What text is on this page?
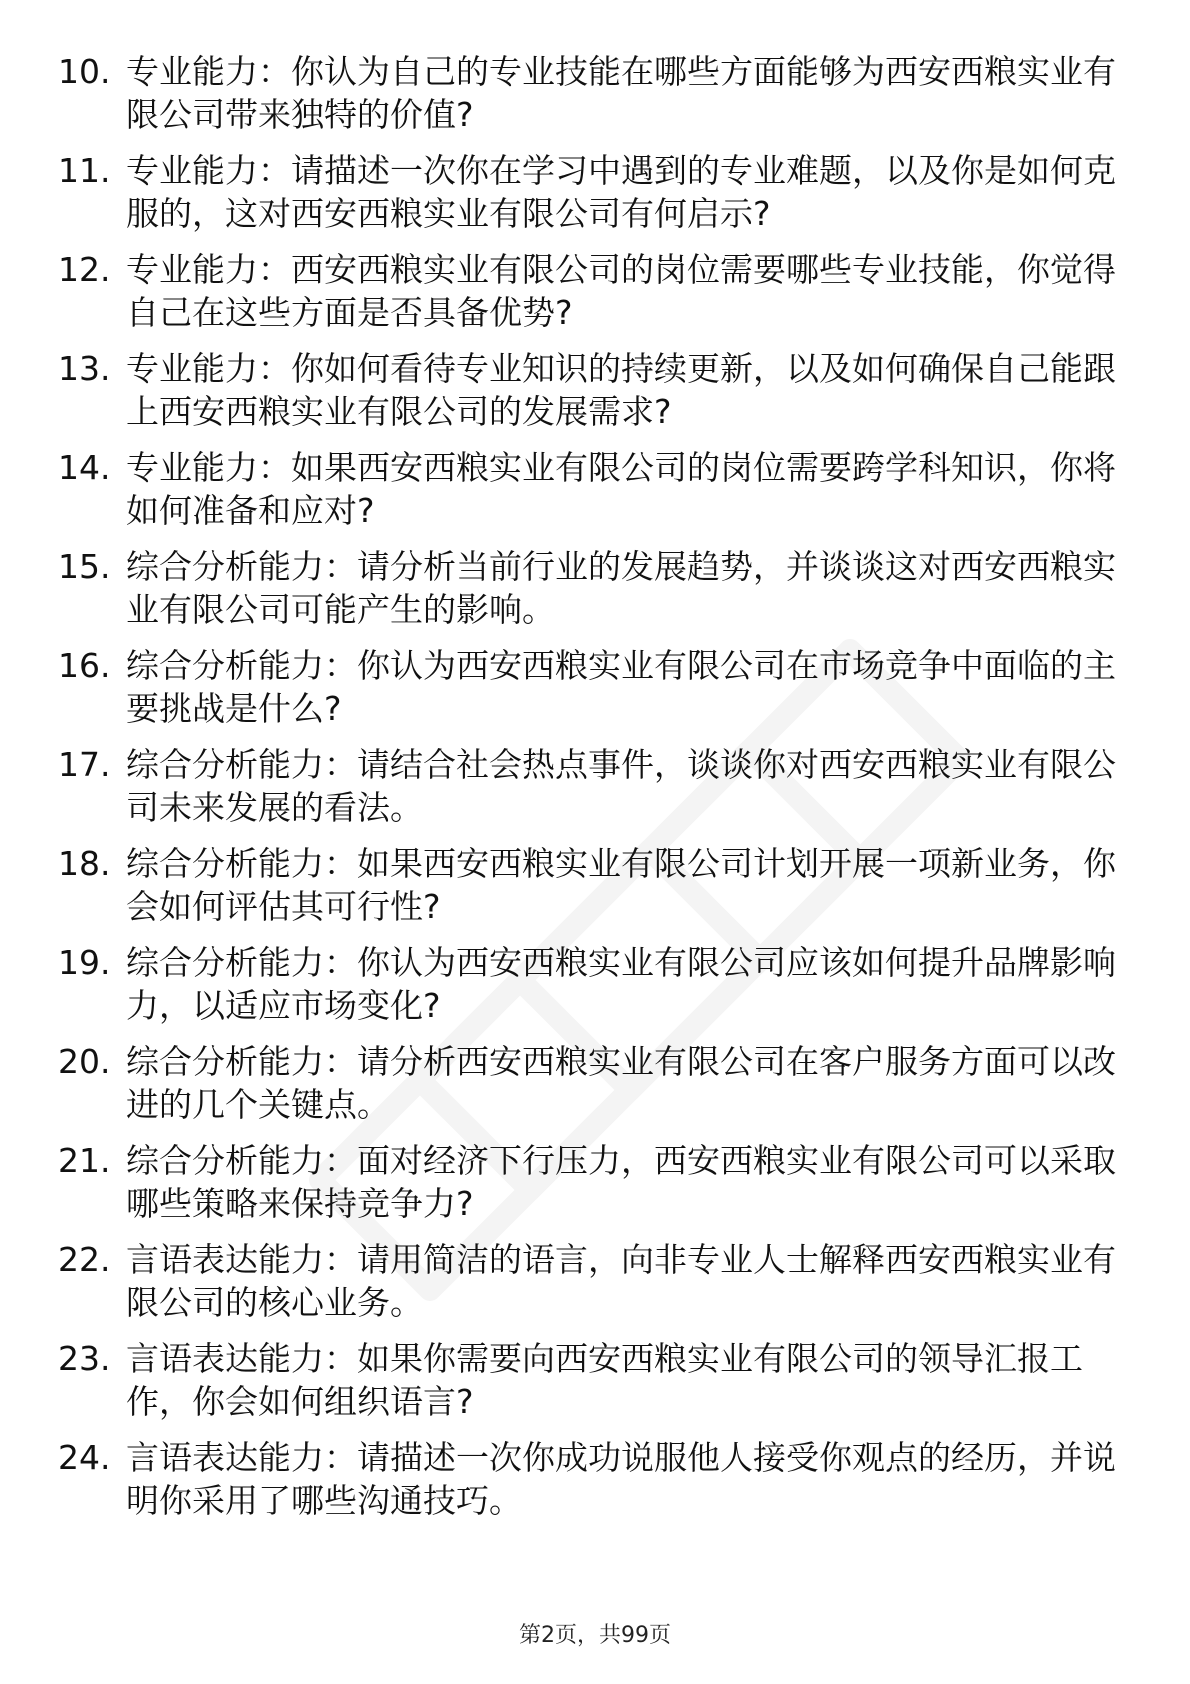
10. 专业能力：你认为自己的专业技能在哪些方面能够为西安西粮实业有限公司带来独特的价值?
11. 专业能力：请描述一次你在学习中遇到的专业难题，以及你是如何克服的，这对西安西粮实业有限公司有何启示?
12. 专业能力：西安西粮实业有限公司的岗位需要哪些专业技能，你觉得自己在这些方面是否具备优势?
13. 专业能力：你如何看待专业知识的持续更新，以及如何确保自己能跟上西安西粮实业有限公司的发展需求?
14. 专业能力：如果西安西粮实业有限公司的岗位需要跨学科知识，你将如何准备和应对?
15. 综合分析能力：请分析当前行业的发展趋势，并谈谈这对西安西粮实业有限公司可能产生的影响。
16. 综合分析能力：你认为西安西粮实业有限公司在市场竞争中面临的主要挑战是什么?
17. 综合分析能力：请结合社会热点事件，谈谈你对西安西粮实业有限公司未来发展的看法。
18. 综合分析能力：如果西安西粮实业有限公司计划开展一项新业务，你会如何评估其可行性?
19. 综合分析能力：你认为西安西粮实业有限公司应该如何提升品牌影响力，以适应市场变化?
20. 综合分析能力：请分析西安西粮实业有限公司在客户服务方面可以改进的几个关键点。
21. 综合分析能力：面对经济下行压力，西安西粮实业有限公司可以采取哪些策略来保持竞争力?
22. 言语表达能力：请用简洁的语言，向非专业人士解释西安西粮实业有限公司的核心业务。
23. 言语表达能力：如果你需要向西安西粮实业有限公司的领导汇报工作，你会如何组织语言?
24. 言语表达能力：请描述一次你成功说服他人接受你观点的经历，并说明你采用了哪些沟通技巧。
第2页，共99页
